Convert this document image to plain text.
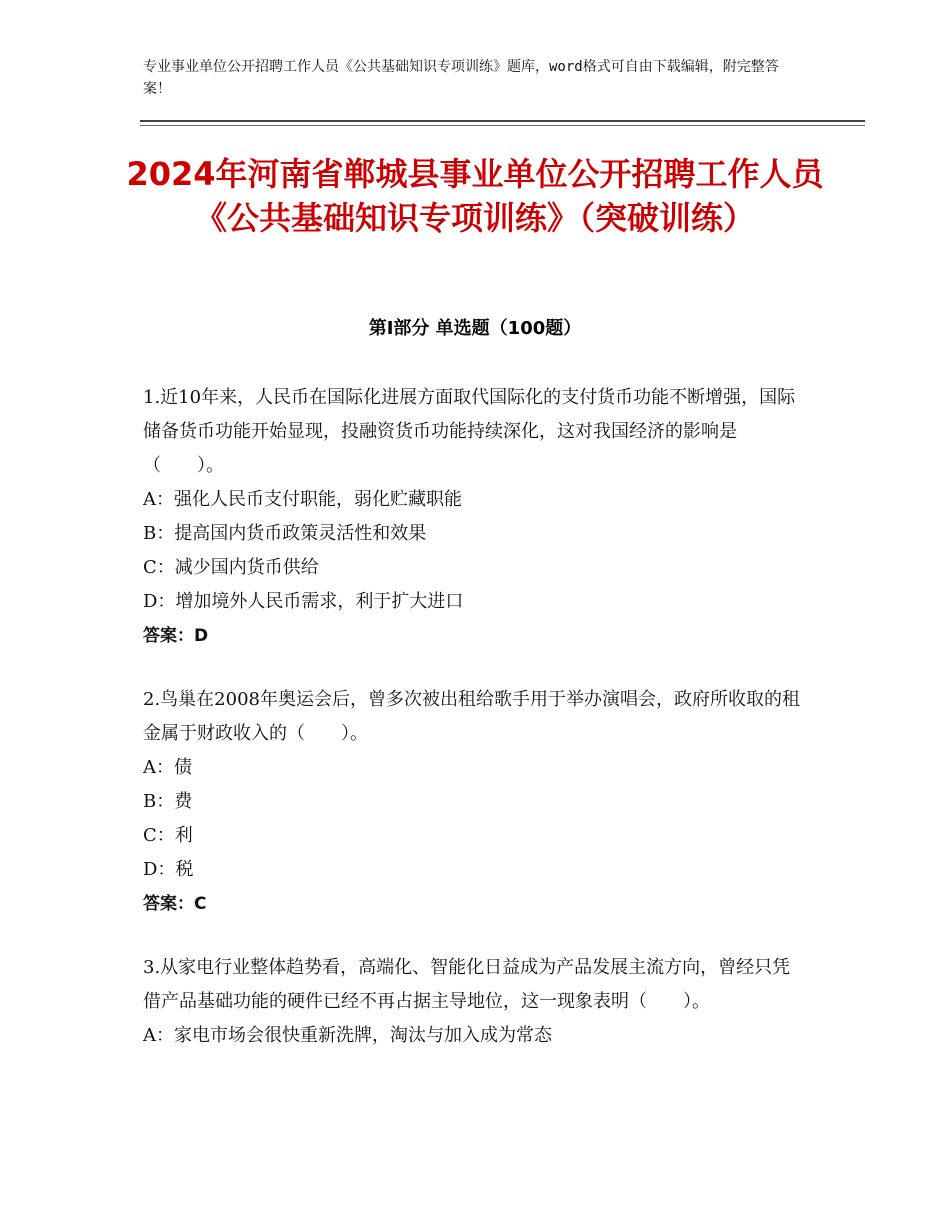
专业事业单位公开招聘工作人员《公共基础知识专项训练》题库，word格式可自由下载编辑，附完整答案！
2024年河南省郸城县事业单位公开招聘工作人员《公共基础知识专项训练》（突破训练）
第Ⅰ部分 单选题（100题）

1.近10年来，人民币在国际化进展方面取代国际化的支付货币功能不断增强，国际储备货币功能开始显现，投融资货币功能持续深化，这对我国经济的影响是（　　）。

A：强化人民币支付职能，弱化贮藏职能

B：提高国内货币政策灵活性和效果

C：减少国内货币供给

D：增加境外人民币需求，利于扩大进口

答案：D

2.鸟巢在2008年奥运会后，曾多次被出租给歌手用于举办演唱会，政府所收取的租金属于财政收入的（　　）。

A：债

B：费

C：利

D：税

答案：C

3.从家电行业整体趋势看，高端化、智能化日益成为产品发展主流方向，曾经只凭借产品基础功能的硬件已经不再占据主导地位，这一现象表明（　　）。

A：家电市场会很快重新洗牌，淘汰与加入成为常态
